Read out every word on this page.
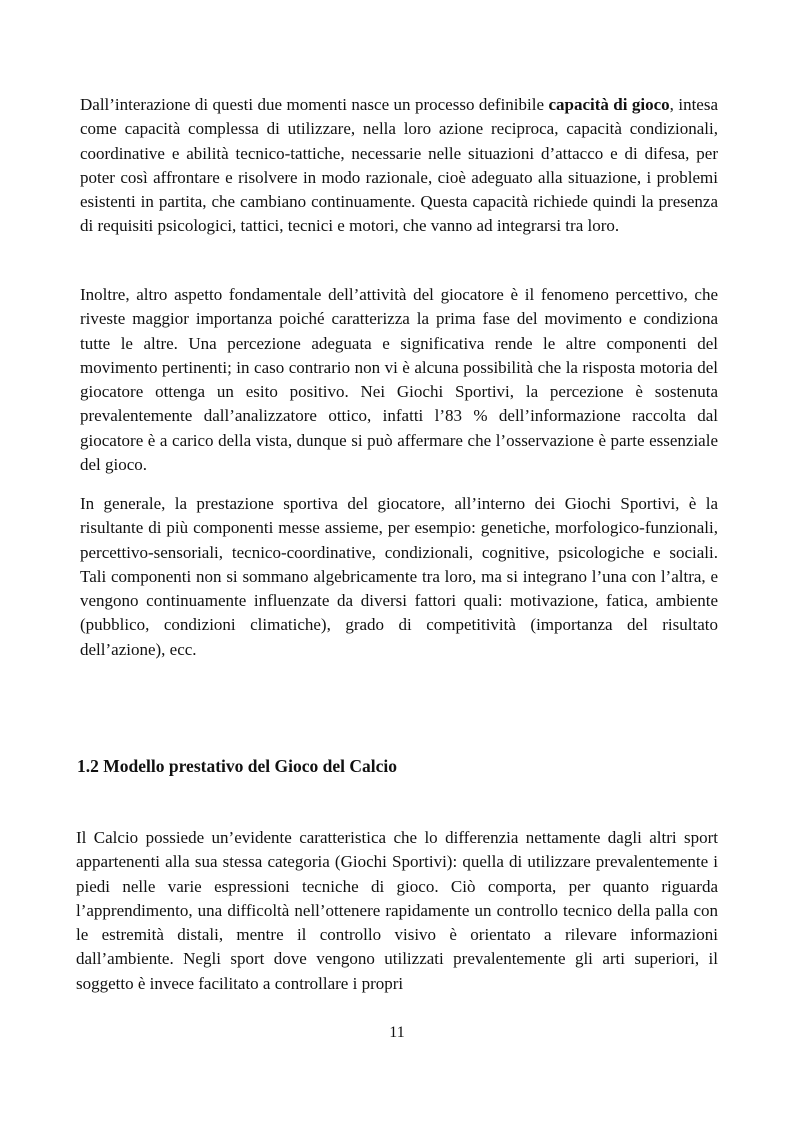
Dall’interazione di questi due momenti nasce un processo definibile capacità di gioco, intesa come capacità complessa di utilizzare, nella loro azione reciproca, capacità condizionali, coordinative e abilità tecnico-tattiche, necessarie nelle situazioni d’attacco e di difesa, per poter così affrontare e risolvere in modo razionale, cioè adeguato alla situazione, i problemi esistenti in partita, che cambiano continuamente. Questa capacità richiede quindi la presenza di requisiti psicologici, tattici, tecnici e motori, che vanno ad integrarsi tra loro.

Inoltre, altro aspetto fondamentale dell’attività del giocatore è il fenomeno percettivo, che riveste maggior importanza poiché caratterizza la prima fase del movimento e condiziona tutte le altre. Una percezione adeguata e significativa rende le altre componenti del movimento pertinenti; in caso contrario non vi è alcuna possibilità che la risposta motoria del giocatore ottenga un esito positivo. Nei Giochi Sportivi, la percezione è sostenuta prevalentemente dall’analizzatore ottico, infatti l’83 % dell’informazione raccolta dal giocatore è a carico della vista, dunque si può affermare che l’osservazione è parte essenziale del gioco.

In generale, la prestazione sportiva del giocatore, all’interno dei Giochi Sportivi, è la risultante di più componenti messe assieme, per esempio: genetiche, morfologico-funzionali, percettivo-sensoriali, tecnico-coordinative, condizionali, cognitive, psicologiche e sociali. Tali componenti non si sommano algebricamente tra loro, ma si integrano l’una con l’altra, e vengono continuamente influenzate da diversi fattori quali: motivazione, fatica, ambiente (pubblico, condizioni climatiche), grado di competitività (importanza del risultato dell’azione), ecc.

1.2 Modello prestativo del Gioco del Calcio

Il Calcio possiede un’evidente caratteristica che lo differenzia nettamente dagli altri sport appartenenti alla sua stessa categoria (Giochi Sportivi): quella di utilizzare prevalentemente i piedi nelle varie espressioni tecniche di gioco. Ciò comporta, per quanto riguarda l’apprendimento, una difficoltà nell’ottenere rapidamente un controllo tecnico della palla con le estremità distali, mentre il controllo visivo è orientato a rilevare informazioni dall’ambiente. Negli sport dove vengono utilizzati prevalentemente gli arti superiori, il soggetto è invece facilitato a controllare i propri

11
